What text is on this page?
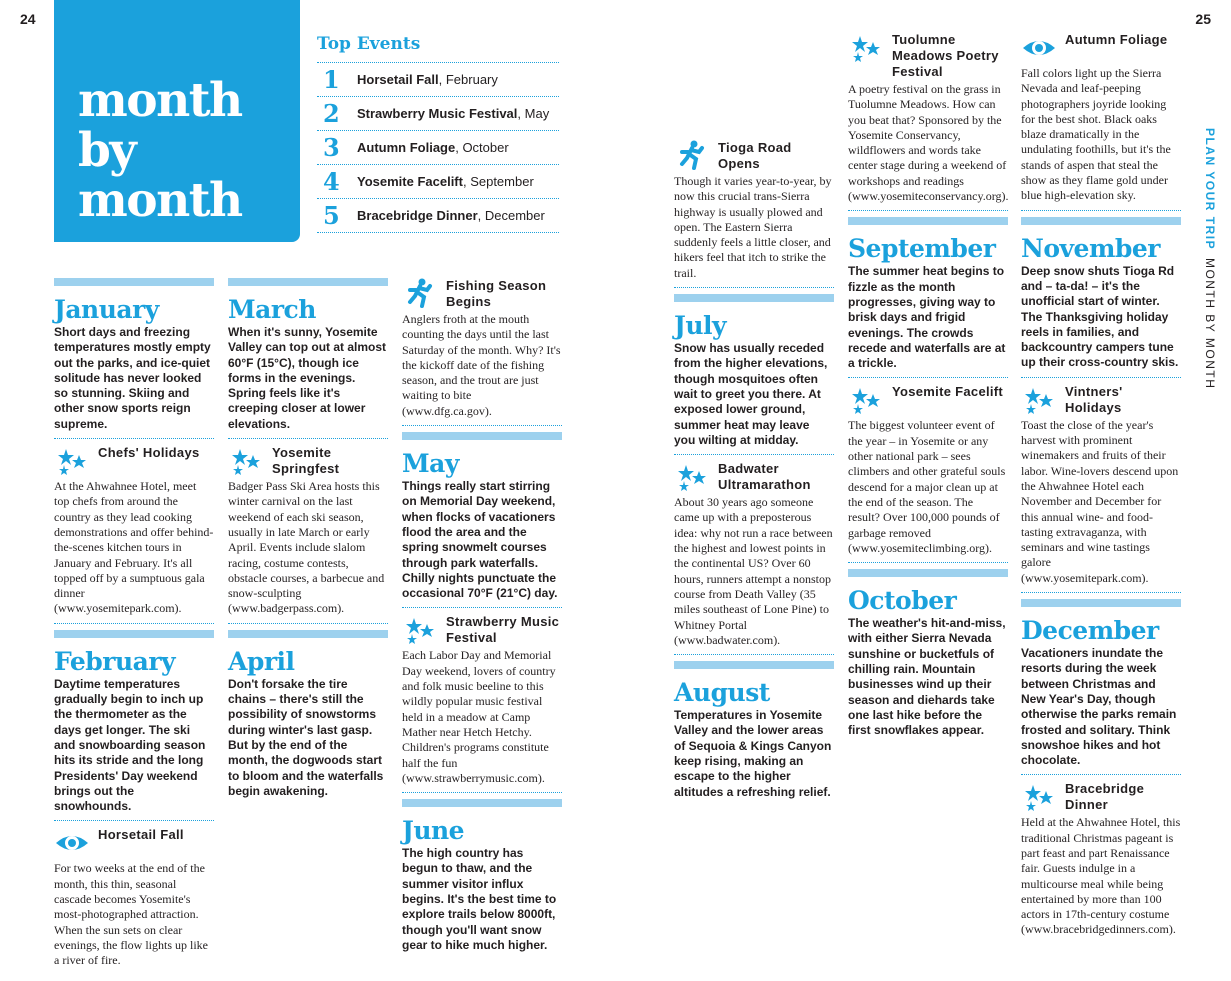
24	25
month
by
month
Top Events
1	Horsetail Fall, February
2	Strawberry Music Festival, May
3	Autumn Foliage, October
4	Yosemite Facelift, September
5	Bracebridge Dinner, December
January
Short days and freezing temperatures mostly empty out the parks, and ice-quiet solitude has never looked so stunning. Skiing and other snow sports reign supreme.
Chefs' Holidays
At the Ahwahnee Hotel, meet top chefs from around the country as they lead cooking demonstrations and offer behind-the-scenes kitchen tours in January and February. It's all topped off by a sumptuous gala dinner (www.yosemitepark.com).
February
Daytime temperatures gradually begin to inch up the thermometer as the days get longer. The ski and snowboarding season hits its stride and the long Presidents' Day weekend brings out the snowhounds.
Horsetail Fall
For two weeks at the end of the month, this thin, seasonal cascade becomes Yosemite's most-photographed attraction. When the sun sets on clear evenings, the flow lights up like a river of fire.
March
When it's sunny, Yosemite Valley can top out at almost 60°F (15°C), though ice forms in the evenings. Spring feels like it's creeping closer at lower elevations.
Yosemite Springfest
Badger Pass Ski Area hosts this winter carnival on the last weekend of each ski season, usually in late March or early April. Events include slalom racing, costume contests, obstacle courses, a barbecue and snow-sculpting (www.badgerpass.com).
April
Don't forsake the tire chains – there's still the possibility of snowstorms during winter's last gasp. But by the end of the month, the dogwoods start to bloom and the waterfalls begin awakening.
Fishing Season Begins
Anglers froth at the mouth counting the days until the last Saturday of the month. Why? It's the kickoff date of the fishing season, and the trout are just waiting to bite (www.dfg.ca.gov).
May
Things really start stirring on Memorial Day weekend, when flocks of vacationers flood the area and the spring snowmelt courses through park waterfalls. Chilly nights punctuate the occasional 70°F (21°C) day.
Strawberry Music Festival
Each Labor Day and Memorial Day weekend, lovers of country and folk music beeline to this wildly popular music festival held in a meadow at Camp Mather near Hetch Hetchy. Children's programs constitute half the fun (www.strawberrymusic.com).
June
The high country has begun to thaw, and the summer visitor influx begins. It's the best time to explore trails below 8000ft, though you'll want snow gear to hike much higher.
Tioga Road Opens
Though it varies year-to-year, by now this crucial trans-Sierra highway is usually plowed and open. The Eastern Sierra suddenly feels a little closer, and hikers feel that itch to strike the trail.
July
Snow has usually receded from the higher elevations, though mosquitoes often wait to greet you there. At exposed lower ground, summer heat may leave you wilting at midday.
Badwater Ultramarathon
About 30 years ago someone came up with a preposterous idea: why not run a race between the highest and lowest points in the continental US? Over 60 hours, runners attempt a nonstop course from Death Valley (35 miles southeast of Lone Pine) to Whitney Portal (www.badwater.com).
August
Temperatures in Yosemite Valley and the lower areas of Sequoia & Kings Canyon keep rising, making an escape to the higher altitudes a refreshing relief.
Tuolumne Meadows Poetry Festival
A poetry festival on the grass in Tuolumne Meadows. How can you beat that? Sponsored by the Yosemite Conservancy, wildflowers and words take center stage during a weekend of workshops and readings (www.yosemiteconservancy.org).
September
The summer heat begins to fizzle as the month progresses, giving way to brisk days and frigid evenings. The crowds recede and waterfalls are at a trickle.
Yosemite Facelift
The biggest volunteer event of the year – in Yosemite or any other national park – sees climbers and other grateful souls descend for a major clean up at the end of the season. The result? Over 100,000 pounds of garbage removed (www.yosemiteclimbing.org).
October
The weather's hit-and-miss, with either Sierra Nevada sunshine or bucketfuls of chilling rain. Mountain businesses wind up their season and diehards take one last hike before the first snowflakes appear.
Autumn Foliage
Fall colors light up the Sierra Nevada and leaf-peeping photographers joyride looking for the best shot. Black oaks blaze dramatically in the undulating foothills, but it's the stands of aspen that steal the show as they flame gold under blue high-elevation sky.
November
Deep snow shuts Tioga Rd and – ta-da! – it's the unofficial start of winter. The Thanksgiving holiday reels in families, and backcountry campers tune up their cross-country skis.
Vintners' Holidays
Toast the close of the year's harvest with prominent winemakers and fruits of their labor. Wine-lovers descend upon the Ahwahnee Hotel each November and December for this annual wine- and food-tasting extravaganza, with seminars and wine tastings galore (www.yosemitepark.com).
December
Vacationers inundate the resorts during the week between Christmas and New Year's Day, though otherwise the parks remain frosted and solitary. Think snowshoe hikes and hot chocolate.
Bracebridge Dinner
Held at the Ahwahnee Hotel, this traditional Christmas pageant is part feast and part Renaissance fair. Guests indulge in a multicourse meal while being entertained by more than 100 actors in 17th-century costume (www.bracebridgedinners.com).
PLAN YOUR TRIP MONTH BY MONTH
